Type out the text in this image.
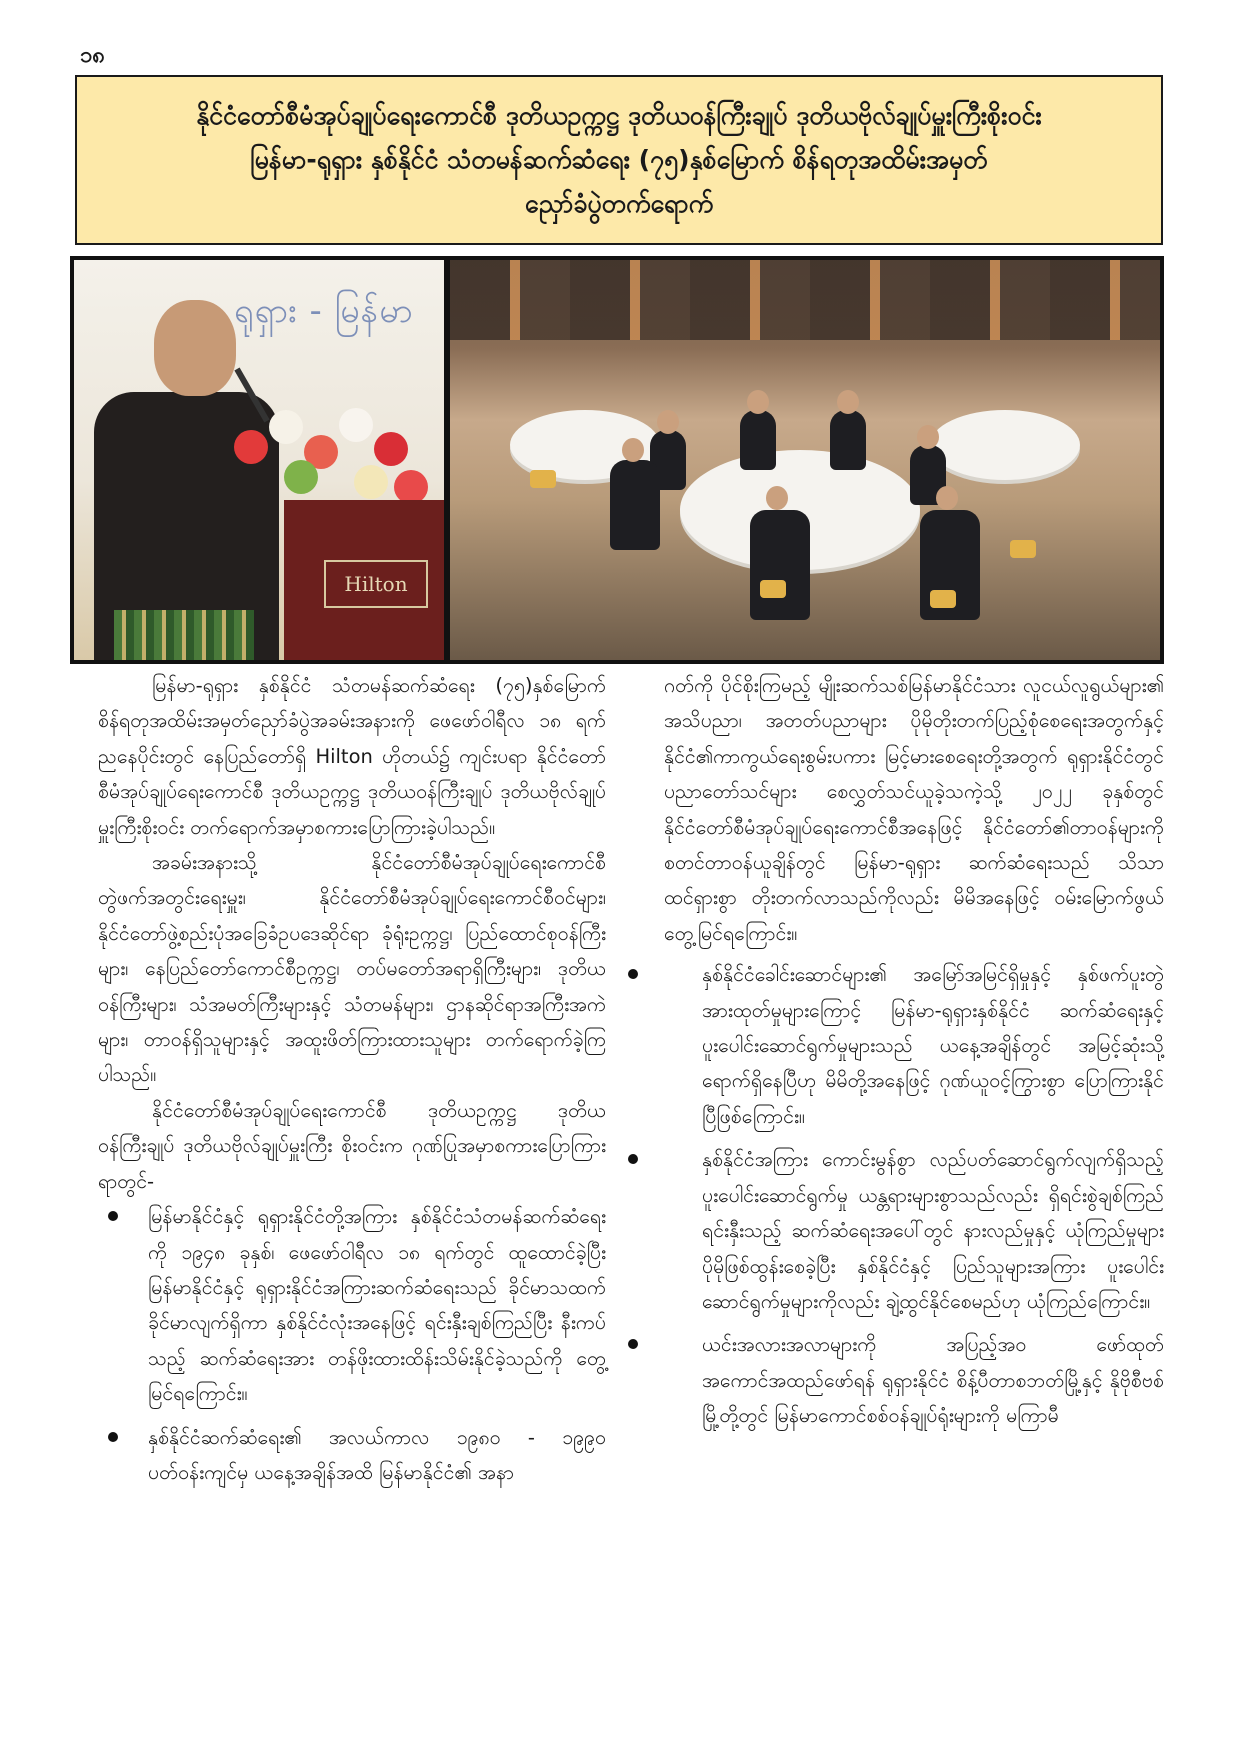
၁၈
နိုင်ငံတော်စီမံအုပ်ချုပ်ရေးကောင်စီ ဒုတိယဥက္ကဋ္ဌ ဒုတိယဝန်ကြီးချုပ် ဒုတိယဗိုလ်ချုပ်မှူးကြီးစိုးဝင်း
မြန်မာ-ရုရှား နှစ်နိုင်ငံ သံတမန်ဆက်ဆံရေး (၇၅)နှစ်မြောက် စိန်ရတုအထိမ်းအမှတ်
ညှော်ခံပွဲတက်ရောက်
ရုရှား - မြန်မာ
Hilton

မြန်မာ-ရုရှား နှစ်နိုင်ငံ သံတမန်ဆက်ဆံရေး (၇၅)နှစ်မြောက် စိန်ရတုအထိမ်းအမှတ်ညှော်ခံပွဲအခမ်းအနားကို ဖေဖော်ဝါရီလ ၁၈ ရက် ညနေပိုင်းတွင် နေပြည်တော်ရှိ Hilton ဟိုတယ်၌ ကျင်းပရာ နိုင်ငံတော်စီမံအုပ်ချုပ်ရေးကောင်စီ ဒုတိယဥက္ကဋ္ဌ ဒုတိယဝန်ကြီးချုပ် ဒုတိယဗိုလ်ချုပ်မှူးကြီးစိုးဝင်း တက်ရောက်အမှာစကားပြောကြားခဲ့ပါသည်။

အခမ်းအနားသို့ နိုင်ငံတော်စီမံအုပ်ချုပ်ရေးကောင်စီ တွဲဖက်အတွင်းရေးမှူး၊ နိုင်ငံတော်စီမံအုပ်ချုပ်ရေးကောင်စီဝင်များ၊ နိုင်ငံတော်ဖွဲ့စည်းပုံအခြေခံဥပဒေဆိုင်ရာ ခုံရုံးဥက္ကဋ္ဌ၊ ပြည်ထောင်စုဝန်ကြီးများ၊ နေပြည်တော်ကောင်စီဥက္ကဋ္ဌ၊ တပ်မတော်အရာရှိကြီးများ၊ ဒုတိယဝန်ကြီးများ၊ သံအမတ်ကြီးများနှင့် သံတမန်များ၊ ဌာနဆိုင်ရာအကြီးအကဲများ၊ တာဝန်ရှိသူများနှင့် အထူးဖိတ်ကြားထားသူများ တက်ရောက်ခဲ့ကြပါသည်။

နိုင်ငံတော်စီမံအုပ်ချုပ်ရေးကောင်စီ ဒုတိယဥက္ကဋ္ဌ ဒုတိယဝန်ကြီးချုပ် ဒုတိယဗိုလ်ချုပ်မှူးကြီး စိုးဝင်းက ဂုဏ်ပြုအမှာစကားပြောကြားရာတွင်-

မြန်မာနိုင်ငံနှင့် ရုရှားနိုင်ငံတို့အကြား နှစ်နိုင်ငံသံတမန်ဆက်ဆံရေးကို ၁၉၄၈ ခုနှစ်၊ ဖေဖော်ဝါရီလ ၁၈ ရက်တွင် ထူထောင်ခဲ့ပြီး မြန်မာနိုင်ငံနှင့် ရုရှားနိုင်ငံအကြားဆက်ဆံရေးသည် ခိုင်မာသထက် ခိုင်မာလျက်ရှိကာ နှစ်နိုင်ငံလုံးအနေဖြင့် ရင်းနှီးချစ်ကြည်ပြီး နီးကပ်သည့် ဆက်ဆံရေးအား တန်ဖိုးထားထိန်းသိမ်းနိုင်ခဲ့သည်ကို တွေ့မြင်ရကြောင်း။
နှစ်နိုင်ငံဆက်ဆံရေး၏ အလယ်ကာလ ၁၉၈၀ - ၁၉၉၀ ပတ်ဝန်းကျင်မှ ယနေ့အချိန်အထိ မြန်မာနိုင်ငံ၏ အနာ

ဂတ်ကို ပိုင်စိုးကြမည့် မျိုးဆက်သစ်မြန်မာနိုင်ငံသား လူငယ်လူရွယ်များ၏ အသိပညာ၊ အတတ်ပညာများ ပိုမိုတိုးတက်ပြည့်စုံစေရေးအတွက်နှင့် နိုင်ငံ၏ကာကွယ်ရေးစွမ်းပကား မြင့်မားစေရေးတို့အတွက် ရုရှားနိုင်ငံတွင် ပညာတော်သင်များ စေလွှတ်သင်ယူခဲ့သကဲ့သို့ ၂၀၂၂ ခုနှစ်တွင် နိုင်ငံတော်စီမံအုပ်ချုပ်ရေးကောင်စီအနေဖြင့် နိုင်ငံတော်၏တာဝန်များကို စတင်တာဝန်ယူချိန်တွင် မြန်မာ-ရုရှား ဆက်ဆံရေးသည် သိသာထင်ရှားစွာ တိုးတက်လာသည်ကိုလည်း မိမိအနေဖြင့် ဝမ်းမြောက်ဖွယ် တွေ့မြင်ရကြောင်း။

နှစ်နိုင်ငံခေါင်းဆောင်များ၏ အမြော်အမြင်ရှိမှုနှင့် နှစ်ဖက်ပူးတွဲအားထုတ်မှုများကြောင့် မြန်မာ-ရုရှားနှစ်နိုင်ငံ ဆက်ဆံရေးနှင့် ပူးပေါင်းဆောင်ရွက်မှုများသည် ယနေ့အချိန်တွင် အမြင့်ဆုံးသို့ရောက်ရှိနေပြီဟု မိမိတို့အနေဖြင့် ဂုဏ်ယူဝင့်ကြွားစွာ ပြောကြားနိုင်ပြီဖြစ်ကြောင်း။
နှစ်နိုင်ငံအကြား ကောင်းမွန်စွာ လည်ပတ်ဆောင်ရွက်လျက်ရှိသည့် ပူးပေါင်းဆောင်ရွက်မှု ယန္တရားများစွာသည်လည်း ရှိရင်းစွဲချစ်ကြည်ရင်းနှီးသည့် ဆက်ဆံရေးအပေါ်တွင် နားလည်မှုနှင့် ယုံကြည်မှုများ ပိုမိုဖြစ်ထွန်းစေခဲ့ပြီး နှစ်နိုင်ငံနှင့် ပြည်သူများအကြား ပူးပေါင်းဆောင်ရွက်မှုများကိုလည်း ချဲ့ထွင်နိုင်စေမည်ဟု ယုံကြည်ကြောင်း။
ယင်းအလားအလာများကို အပြည့်အဝ ဖော်ထုတ်အကောင်အထည်ဖော်ရန် ရုရှားနိုင်ငံ စိန့်ပီတာစဘတ်မြို့နှင့် နိုဗိုစီဗစ်မြို့တို့တွင် မြန်မာကောင်စစ်ဝန်ချုပ်ရုံးများကို မကြာမီ
